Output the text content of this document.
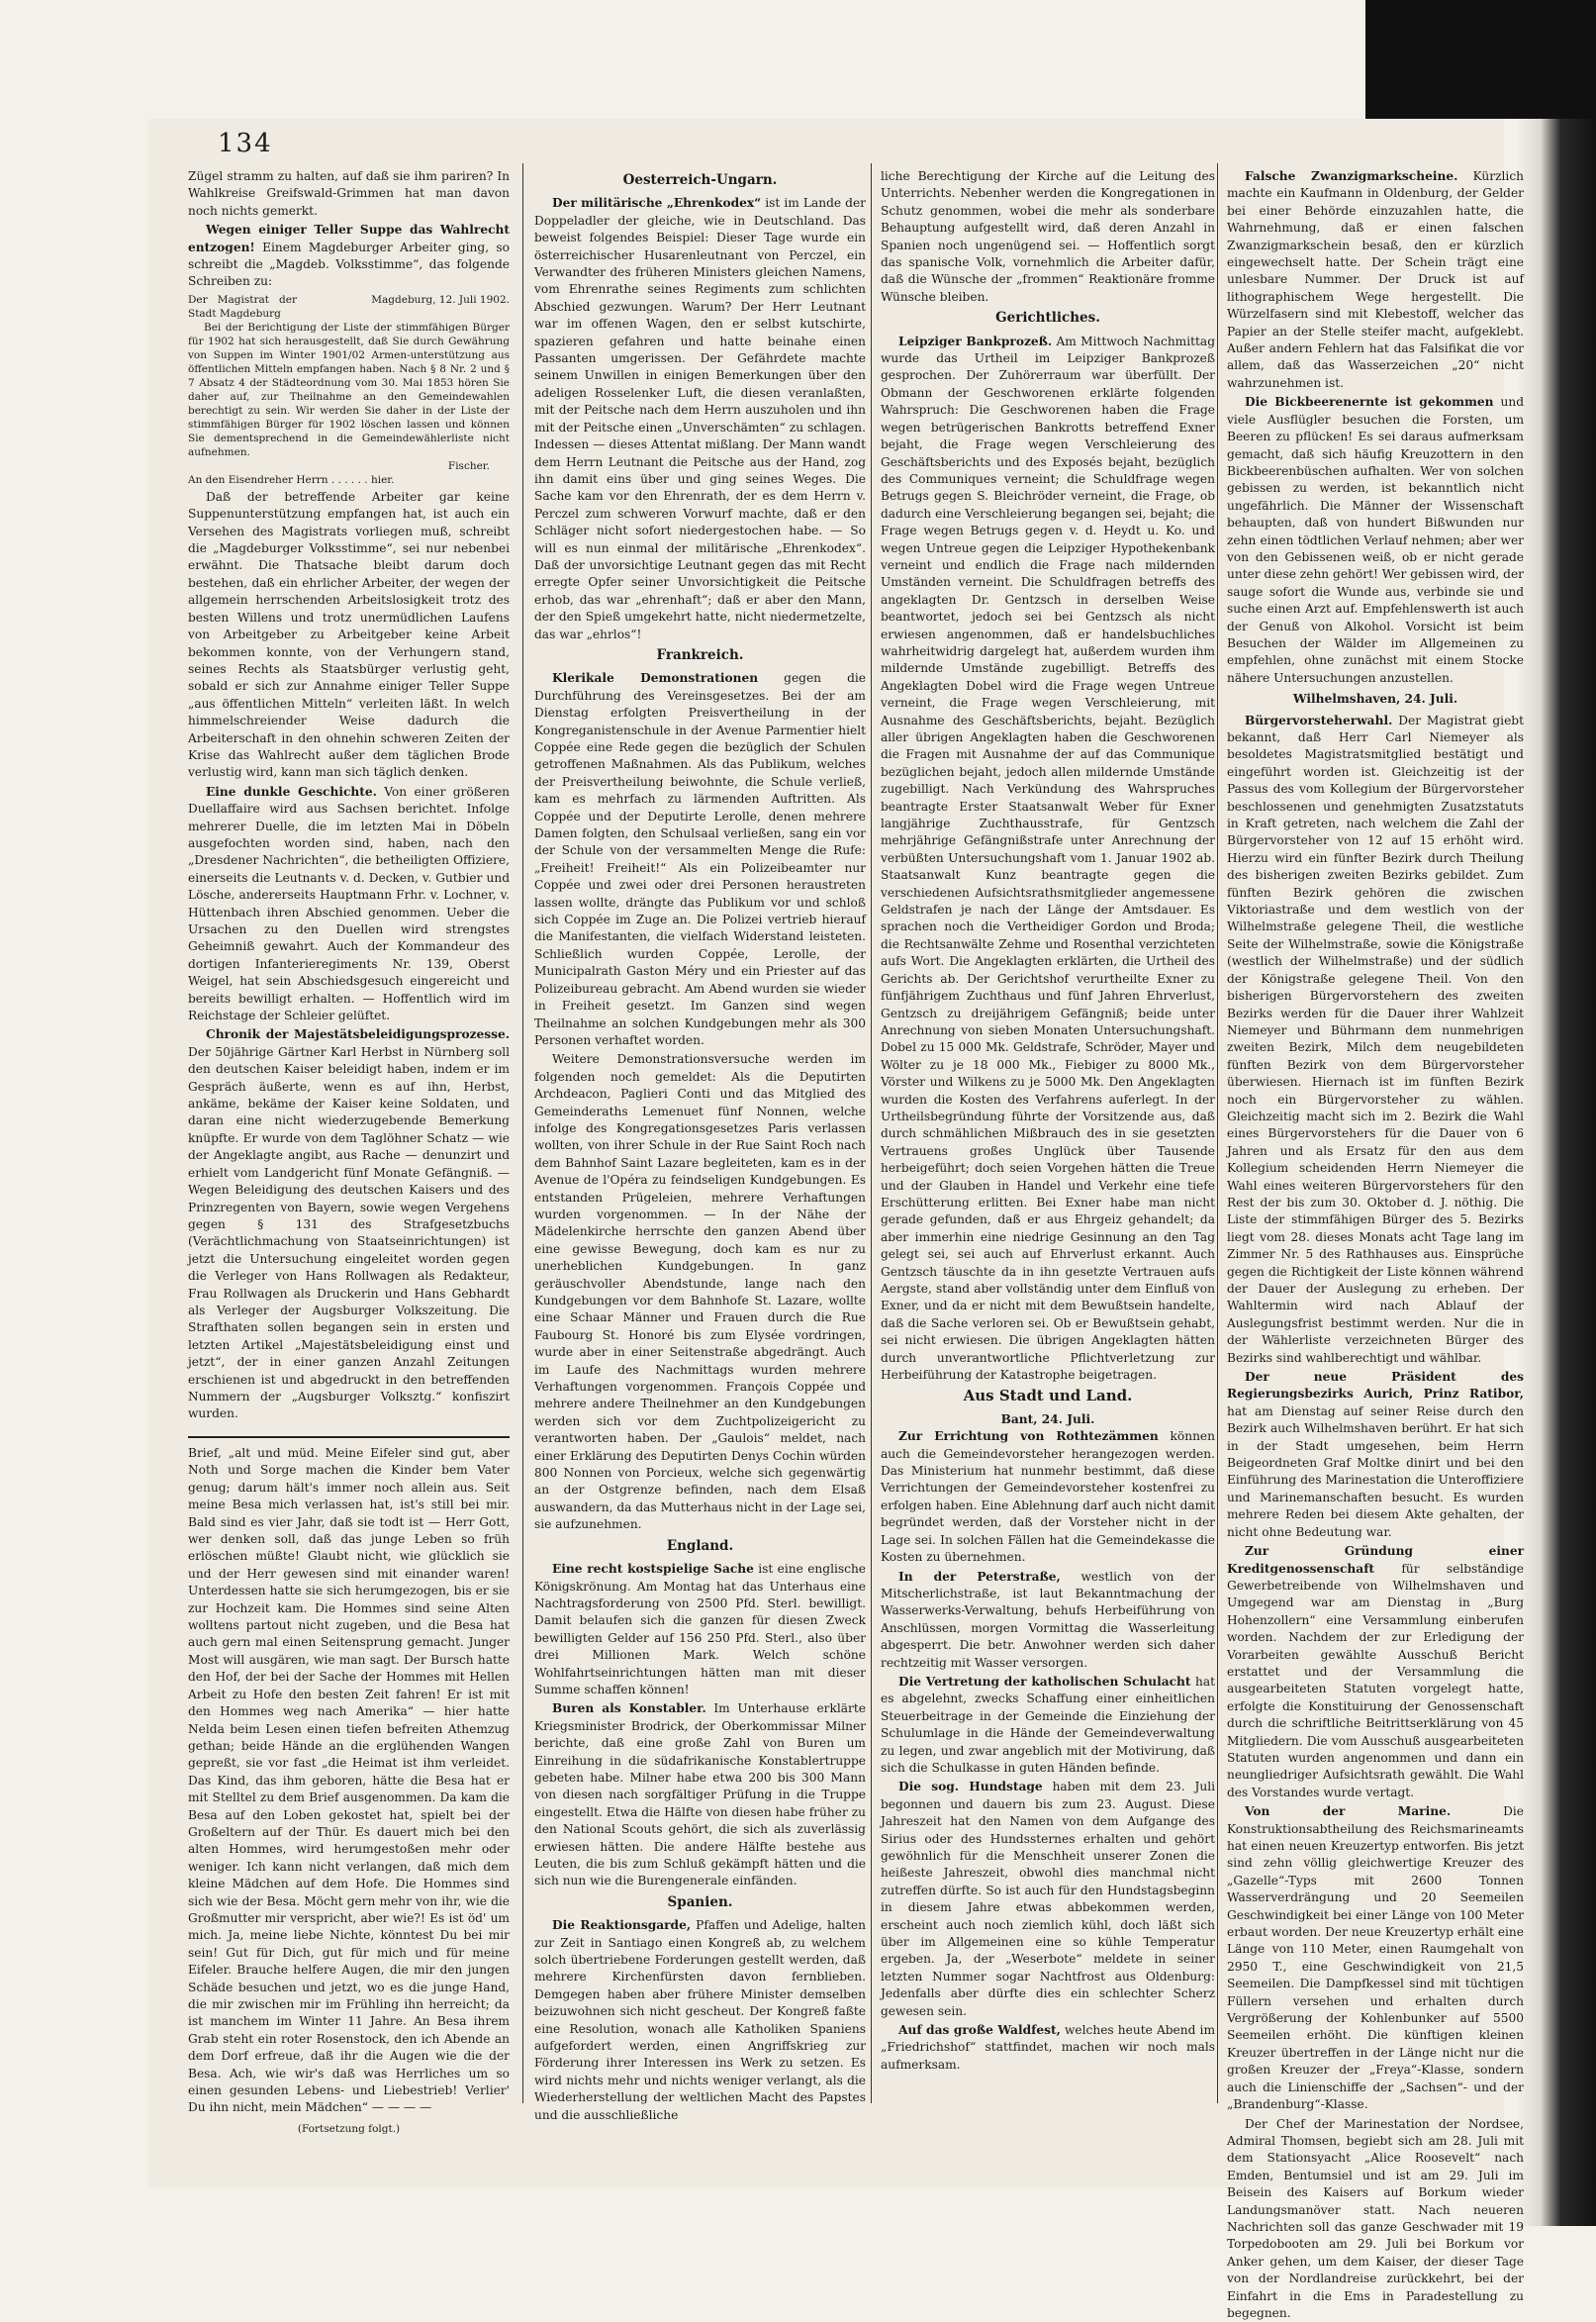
134

Zügel stramm zu halten, auf daß sie ihm pariren? In Wahlkreise Greifswald-Grimmen hat man davon noch nichts gemerkt.

Wegen einiger Teller Suppe das Wahlrecht entzogen! Einem Magdeburger Arbeiter ging, so schreibt die „Magdeb. Volksstimme“, das folgende Schreiben zu:

Der Magistrat der Stadt Magdeburg
Magdeburg, 12. Juli 1902.

Bei der Berichtigung der Liste der stimmfähigen Bürger für 1902 hat sich herausgestellt, daß Sie durch Gewährung von Suppen im Winter 1901/02 Armen-unterstützung aus öffentlichen Mitteln empfangen haben. Nach § 8 Nr. 2 und § 7 Absatz 4 der Städteordnung vom 30. Mai 1853 hören Sie daher auf, zur Theilnahme an den Gemeindewahlen berechtigt zu sein. Wir werden Sie daher in der Liste der stimmfähigen Bürger für 1902 löschen lassen und können Sie dementsprechend in die Gemeindewählerliste nicht aufnehmen.

Fischer.
An den Eisendreher Herrn . . . . . . hier.

Daß der betreffende Arbeiter gar keine Suppenunterstützung empfangen hat, ist auch ein Versehen des Magistrats vorliegen muß, schreibt die „Magdeburger Volksstimme“, sei nur nebenbei erwähnt. Die Thatsache bleibt darum doch bestehen, daß ein ehrlicher Arbeiter, der wegen der allgemein herrschenden Arbeitslosigkeit trotz des besten Willens und trotz unermüdlichen Laufens von Arbeitgeber zu Arbeitgeber keine Arbeit bekommen konnte, von der Verhungern stand, seines Rechts als Staatsbürger verlustig geht, sobald er sich zur Annahme einiger Teller Suppe „aus öffentlichen Mitteln“ verleiten läßt. In welch himmelschreiender Weise dadurch die Arbeiterschaft in den ohnehin schweren Zeiten der Krise das Wahlrecht außer dem täglichen Brode verlustig wird, kann man sich täglich denken.

Eine dunkle Geschichte. Von einer größeren Duellaffaire wird aus Sachsen berichtet. Infolge mehrerer Duelle, die im letzten Mai in Döbeln ausgefochten worden sind, haben, nach den „Dresdener Nachrichten“, die betheiligten Offiziere, einerseits die Leutnants v. d. Decken, v. Gutbier und Lösche, andererseits Hauptmann Frhr. v. Lochner, v. Hüttenbach ihren Abschied genommen. Ueber die Ursachen zu den Duellen wird strengstes Geheimniß gewahrt. Auch der Kommandeur des dortigen Infanterieregiments Nr. 139, Oberst Weigel, hat sein Abschiedsgesuch eingereicht und bereits bewilligt erhalten. — Hoffentlich wird im Reichstage der Schleier gelüftet.

Chronik der Majestätsbeleidigungsprozesse. Der 50jährige Gärtner Karl Herbst in Nürnberg soll den deutschen Kaiser beleidigt haben, indem er im Gespräch äußerte, wenn es auf ihn, Herbst, ankäme, bekäme der Kaiser keine Soldaten, und daran eine nicht wiederzugebende Bemerkung knüpfte. Er wurde von dem Taglöhner Schatz — wie der Angeklagte angibt, aus Rache — denunzirt und erhielt vom Landgericht fünf Monate Gefängniß. — Wegen Beleidigung des deutschen Kaisers und des Prinzregenten von Bayern, sowie wegen Vergehens gegen § 131 des Strafgesetzbuchs (Verächtlichmachung von Staatseinrichtungen) ist jetzt die Untersuchung eingeleitet worden gegen die Verleger von Hans Rollwagen als Redakteur, Frau Rollwagen als Druckerin und Hans Gebhardt als Verleger der Augsburger Volkszeitung. Die Strafthaten sollen begangen sein in ersten und letzten Artikel „Majestätsbeleidigung einst und jetzt“, der in einer ganzen Anzahl Zeitungen erschienen ist und abgedruckt in den betreffenden Nummern der „Augsburger Volksztg.“ konfiszirt wurden.

Brief, „alt und müd. Meine Eifeler sind gut, aber Noth und Sorge machen die Kinder bem Vater genug; darum hält's immer noch allein aus. Seit meine Besa mich verlassen hat, ist's still bei mir. Bald sind es vier Jahr, daß sie todt ist — Herr Gott, wer denken soll, daß das junge Leben so früh erlöschen müßte! Glaubt nicht, wie glücklich sie und der Herr gewesen sind mit einander waren! Unterdessen hatte sie sich herumgezogen, bis er sie zur Hochzeit kam. Die Hommes sind seine Alten wolltens partout nicht zugeben, und die Besa hat auch gern mal einen Seitensprung gemacht. Junger Most will ausgären, wie man sagt. Der Bursch hatte den Hof, der bei der Sache der Hommes mit Hellen Arbeit zu Hofe den besten Zeit fahren! Er ist mit den Hommes weg nach Amerika“ — hier hatte Nelda beim Lesen einen tiefen befreiten Athemzug gethan; beide Hände an die erglühenden Wangen gepreßt, sie vor fast „die Heimat ist ihm verleidet. Das Kind, das ihm geboren, hätte die Besa hat er mit Stelltel zu dem Brief ausgenommen. Da kam die Besa auf den Loben gekostet hat, spielt bei der Großeltern auf der Thür. Es dauert mich bei den alten Hommes, wird herumgestoßen mehr oder weniger. Ich kann nicht verlangen, daß mich dem kleine Mädchen auf dem Hofe. Die Hommes sind sich wie der Besa. Möcht gern mehr von ihr, wie die Großmutter mir verspricht, aber wie?! Es ist öd' um mich. Ja, meine liebe Nichte, könntest Du bei mir sein! Gut für Dich, gut für mich und für meine Eifeler. Brauche helfere Augen, die mir den jungen Schäde besuchen und jetzt, wo es die junge Hand, die mir zwischen mir im Frühling ihn herreicht; da ist manchem im Winter 11 Jahre. An Besa ihrem Grab steht ein roter Rosenstock, den ich Abende an dem Dorf erfreue, daß ihr die Augen wie die der Besa. Ach, wie wir's daß was Herrliches um so einen gesunden Lebens- und Liebestrieb! Verlier' Du ihn nicht, mein Mädchen“ — — — —

(Fortsetzung folgt.)
Oesterreich-Ungarn.

Der militärische „Ehrenkodex“ ist im Lande der Doppeladler der gleiche, wie in Deutschland. Das beweist folgendes Beispiel: Dieser Tage wurde ein österreichischer Husarenleutnant von Perczel, ein Verwandter des früheren Ministers gleichen Namens, vom Ehrenrathe seines Regiments zum schlichten Abschied gezwungen. Warum? Der Herr Leutnant war im offenen Wagen, den er selbst kutschirte, spazieren gefahren und hatte beinahe einen Passanten umgerissen. Der Gefährdete machte seinem Unwillen in einigen Bemerkungen über den adeligen Rosselenker Luft, die diesen veranlaßten, mit der Peitsche nach dem Herrn auszuholen und ihn mit der Peitsche einen „Unverschämten“ zu schlagen. Indessen — dieses Attentat mißlang. Der Mann wandt dem Herrn Leutnant die Peitsche aus der Hand, zog ihn damit eins über und ging seines Weges. Die Sache kam vor den Ehrenrath, der es dem Herrn v. Perczel zum schweren Vorwurf machte, daß er den Schläger nicht sofort niedergestochen habe. — So will es nun einmal der militärische „Ehrenkodex“. Daß der unvorsichtige Leutnant gegen das mit Recht erregte Opfer seiner Unvorsichtigkeit die Peitsche erhob, das war „ehrenhaft“; daß er aber den Mann, der den Spieß umgekehrt hatte, nicht niedermetzelte, das war „ehrlos“!

Frankreich.

Klerikale Demonstrationen gegen die Durchführung des Vereinsgesetzes. Bei der am Dienstag erfolgten Preisvertheilung in der Kongreganistenschule in der Avenue Parmentier hielt Coppée eine Rede gegen die bezüglich der Schulen getroffenen Maßnahmen. Als das Publikum, welches der Preisvertheilung beiwohnte, die Schule verließ, kam es mehrfach zu lärmenden Auftritten. Als Coppée und der Deputirte Lerolle, denen mehrere Damen folgten, den Schulsaal verließen, sang ein vor der Schule von der versammelten Menge die Rufe: „Freiheit! Freiheit!“ Als ein Polizeibeamter nur Coppée und zwei oder drei Personen heraustreten lassen wollte, drängte das Publikum vor und schloß sich Coppée im Zuge an. Die Polizei vertrieb hierauf die Manifestanten, die vielfach Widerstand leisteten. Schließlich wurden Coppée, Lerolle, der Municipalrath Gaston Méry und ein Priester auf das Polizeibureau gebracht. Am Abend wurden sie wieder in Freiheit gesetzt. Im Ganzen sind wegen Theilnahme an solchen Kundgebungen mehr als 300 Personen verhaftet worden.

Weitere Demonstrationsversuche werden im folgenden noch gemeldet: Als die Deputirten Archdeacon, Paglieri Conti und das Mitglied des Gemeinderaths Lemenuet fünf Nonnen, welche infolge des Kongregationsgesetzes Paris verlassen wollten, von ihrer Schule in der Rue Saint Roch nach dem Bahnhof Saint Lazare begleiteten, kam es in der Avenue de l'Opéra zu feindseligen Kundgebungen. Es entstanden Prügeleien, mehrere Verhaftungen wurden vorgenommen. — In der Nähe der Mädelenkirche herrschte den ganzen Abend über eine gewisse Bewegung, doch kam es nur zu unerheblichen Kundgebungen. In ganz geräuschvoller Abendstunde, lange nach den Kundgebungen vor dem Bahnhofe St. Lazare, wollte eine Schaar Männer und Frauen durch die Rue Faubourg St. Honoré bis zum Elysée vordringen, wurde aber in einer Seitenstraße abgedrängt. Auch im Laufe des Nachmittags wurden mehrere Verhaftungen vorgenommen. François Coppée und mehrere andere Theilnehmer an den Kundgebungen werden sich vor dem Zuchtpolizeigericht zu verantworten haben. Der „Gaulois“ meldet, nach einer Erklärung des Deputirten Denys Cochin würden 800 Nonnen von Porcieux, welche sich gegenwärtig an der Ostgrenze befinden, nach dem Elsaß auswandern, da das Mutterhaus nicht in der Lage sei, sie aufzunehmen.

England.

Eine recht kostspielige Sache ist eine englische Königskrönung. Am Montag hat das Unterhaus eine Nachtragsforderung von 2500 Pfd. Sterl. bewilligt. Damit belaufen sich die ganzen für diesen Zweck bewilligten Gelder auf 156 250 Pfd. Sterl., also über drei Millionen Mark. Welch schöne Wohlfahrtseinrichtungen hätten man mit dieser Summe schaffen können!

Buren als Konstabler. Im Unterhause erklärte Kriegsminister Brodrick, der Oberkommissar Milner berichte, daß eine große Zahl von Buren um Einreihung in die südafrikanische Konstablertruppe gebeten habe. Milner habe etwa 200 bis 300 Mann von diesen nach sorgfältiger Prüfung in die Truppe eingestellt. Etwa die Hälfte von diesen habe früher zu den National Scouts gehört, die sich als zuverlässig erwiesen hätten. Die andere Hälfte bestehe aus Leuten, die bis zum Schluß gekämpft hätten und die sich nun wie die Burengenerale einfänden.

Spanien.

Die Reaktionsgarde, Pfaffen und Adelige, halten zur Zeit in Santiago einen Kongreß ab, zu welchem solch übertriebene Forderungen gestellt werden, daß mehrere Kirchenfürsten davon fernblieben. Demgegen haben aber frühere Minister demselben beizuwohnen sich nicht gescheut. Der Kongreß faßte eine Resolution, wonach alle Katholiken Spaniens aufgefordert werden, einen Angriffskrieg zur Förderung ihrer Interessen ins Werk zu setzen. Es wird nichts mehr und nichts weniger verlangt, als die Wiederherstellung der weltlichen Macht des Papstes und die ausschließliche

liche Berechtigung der Kirche auf die Leitung des Unterrichts. Nebenher werden die Kongregationen in Schutz genommen, wobei die mehr als sonderbare Behauptung aufgestellt wird, daß deren Anzahl in Spanien noch ungenügend sei. — Hoffentlich sorgt das spanische Volk, vornehmlich die Arbeiter dafür, daß die Wünsche der „frommen“ Reaktionäre fromme Wünsche bleiben.

Gerichtliches.

Leipziger Bankprozeß. Am Mittwoch Nachmittag wurde das Urtheil im Leipziger Bankprozeß gesprochen. Der Zuhörerraum war überfüllt. Der Obmann der Geschworenen erklärte folgenden Wahrspruch: Die Geschworenen haben die Frage wegen betrügerischen Bankrotts betreffend Exner bejaht, die Frage wegen Verschleierung des Geschäftsberichts und des Exposés bejaht, bezüglich des Communiques verneint; die Schuldfrage wegen Betrugs gegen S. Bleichröder verneint, die Frage, ob dadurch eine Verschleierung begangen sei, bejaht; die Frage wegen Betrugs gegen v. d. Heydt u. Ko. und wegen Untreue gegen die Leipziger Hypothekenbank verneint und endlich die Frage nach mildernden Umständen verneint. Die Schuldfragen betreffs des angeklagten Dr. Gentzsch in derselben Weise beantwortet, jedoch sei bei Gentzsch als nicht erwiesen angenommen, daß er handelsbuchliches wahrheitwidrig dargelegt hat, außerdem wurden ihm mildernde Umstände zugebilligt. Betreffs des Angeklagten Dobel wird die Frage wegen Untreue verneint, die Frage wegen Verschleierung, mit Ausnahme des Geschäftsberichts, bejaht. Bezüglich aller übrigen Angeklagten haben die Geschworenen die Fragen mit Ausnahme der auf das Communique bezüglichen bejaht, jedoch allen mildernde Umstände zugebilligt. Nach Verkündung des Wahrspruches beantragte Erster Staatsanwalt Weber für Exner langjährige Zuchthausstrafe, für Gentzsch mehrjährige Gefängnißstrafe unter Anrechnung der verbüßten Untersuchungshaft vom 1. Januar 1902 ab. Staatsanwalt Kunz beantragte gegen die verschiedenen Aufsichtsrathsmitglieder angemessene Geldstrafen je nach der Länge der Amtsdauer. Es sprachen noch die Vertheidiger Gordon und Broda; die Rechtsanwälte Zehme und Rosenthal verzichteten aufs Wort. Die Angeklagten erklärten, die Urtheil des Gerichts ab. Der Gerichtshof verurtheilte Exner zu fünfjährigem Zuchthaus und fünf Jahren Ehrverlust, Gentzsch zu dreijährigem Gefängniß; beide unter Anrechnung von sieben Monaten Untersuchungshaft. Dobel zu 15 000 Mk. Geldstrafe, Schröder, Mayer und Wölter zu je 18 000 Mk., Fiebiger zu 8000 Mk., Vörster und Wilkens zu je 5000 Mk. Den Angeklagten wurden die Kosten des Verfahrens auferlegt. In der Urtheilsbegründung führte der Vorsitzende aus, daß durch schmählichen Mißbrauch des in sie gesetzten Vertrauens großes Unglück über Tausende herbeigeführt; doch seien Vorgehen hätten die Treue und der Glauben in Handel und Verkehr eine tiefe Erschütterung erlitten. Bei Exner habe man nicht gerade gefunden, daß er aus Ehrgeiz gehandelt; da aber immerhin eine niedrige Gesinnung an den Tag gelegt sei, sei auch auf Ehrverlust erkannt. Auch Gentzsch täuschte da in ihn gesetzte Vertrauen aufs Aergste, stand aber vollständig unter dem Einfluß von Exner, und da er nicht mit dem Bewußtsein handelte, daß die Sache verloren sei. Ob er Bewußtsein gehabt, sei nicht erwiesen. Die übrigen Angeklagten hätten durch unverantwortliche Pflichtverletzung zur Herbeiführung der Katastrophe beigetragen.

Aus Stadt und Land.
Bant, 24. Juli.

Zur Errichtung von Rothtezämmen können auch die Gemeindevorsteher herangezogen werden. Das Ministerium hat nunmehr bestimmt, daß diese Verrichtungen der Gemeindevorsteher kostenfrei zu erfolgen haben. Eine Ablehnung darf auch nicht damit begründet werden, daß der Vorsteher nicht in der Lage sei. In solchen Fällen hat die Gemeindekasse die Kosten zu übernehmen.

In der Peterstraße, westlich von der Mitscherlichstraße, ist laut Bekanntmachung der Wasserwerks-Verwaltung, behufs Herbeiführung von Anschlüssen, morgen Vormittag die Wasserleitung abgesperrt. Die betr. Anwohner werden sich daher rechtzeitig mit Wasser versorgen.

Die Vertretung der katholischen Schulacht hat es abgelehnt, zwecks Schaffung einer einheitlichen Steuerbeitrage in der Gemeinde die Einziehung der Schulumlage in die Hände der Gemeindeverwaltung zu legen, und zwar angeblich mit der Motivirung, daß sich die Schulkasse in guten Händen befinde.

Die sog. Hundstage haben mit dem 23. Juli begonnen und dauern bis zum 23. August. Diese Jahreszeit hat den Namen von dem Aufgange des Sirius oder des Hundssternes erhalten und gehört gewöhnlich für die Menschheit unserer Zonen die heißeste Jahreszeit, obwohl dies manchmal nicht zutreffen dürfte. So ist auch für den Hundstagsbeginn in diesem Jahre etwas abbekommen werden, erscheint auch noch ziemlich kühl, doch läßt sich über im Allgemeinen eine so kühle Temperatur ergeben. Ja, der „Weserbote“ meldete in seiner letzten Nummer sogar Nachtfrost aus Oldenburg: Jedenfalls aber dürfte dies ein schlechter Scherz gewesen sein.

Auf das große Waldfest, welches heute Abend im „Friedrichshof“ stattfindet, machen wir noch mals aufmerksam.

Falsche Zwanzigmarkscheine. Kürzlich machte ein Kaufmann in Oldenburg, der Gelder bei einer Behörde einzuzahlen hatte, die Wahrnehmung, daß er einen falschen Zwanzigmarkschein besaß, den er kürzlich eingewechselt hatte. Der Schein trägt eine unlesbare Nummer. Der Druck ist auf lithographischem Wege hergestellt. Die Würzelfasern sind mit Klebestoff, welcher das Papier an der Stelle steifer macht, aufgeklebt. Außer andern Fehlern hat das Falsifikat die vor allem, daß das Wasserzeichen „20“ nicht wahrzunehmen ist.

Die Bickbeerenernte ist gekommen und viele Ausflügler besuchen die Forsten, um Beeren zu pflücken! Es sei daraus aufmerksam gemacht, daß sich häufig Kreuzottern in den Bickbeerenbüschen aufhalten. Wer von solchen gebissen zu werden, ist bekanntlich nicht ungefährlich. Die Männer der Wissenschaft behaupten, daß von hundert Bißwunden nur zehn einen tödtlichen Verlauf nehmen; aber wer von den Gebissenen weiß, ob er nicht gerade unter diese zehn gehört! Wer gebissen wird, der sauge sofort die Wunde aus, verbinde sie und suche einen Arzt auf. Empfehlenswerth ist auch der Genuß von Alkohol. Vorsicht ist beim Besuchen der Wälder im Allgemeinen zu empfehlen, ohne zunächst mit einem Stocke nähere Untersuchungen anzustellen.

Wilhelmshaven, 24. Juli.

Bürgervorsteherwahl. Der Magistrat giebt bekannt, daß Herr Carl Niemeyer als besoldetes Magistratsmitglied bestätigt und eingeführt worden ist. Gleichzeitig ist der Passus des vom Kollegium der Bürgervorsteher beschlossenen und genehmigten Zusatzstatuts in Kraft getreten, nach welchem die Zahl der Bürgervorsteher von 12 auf 15 erhöht wird. Hierzu wird ein fünfter Bezirk durch Theilung des bisherigen zweiten Bezirks gebildet. Zum fünften Bezirk gehören die zwischen Viktoriastraße und dem westlich von der Wilhelmstraße gelegene Theil, die westliche Seite der Wilhelmstraße, sowie die Königstraße (westlich der Wilhelmstraße) und der südlich der Königstraße gelegene Theil. Von den bisherigen Bürgervorstehern des zweiten Bezirks werden für die Dauer ihrer Wahlzeit Niemeyer und Bührmann dem nunmehrigen zweiten Bezirk, Milch dem neugebildeten fünften Bezirk von dem Bürgervorsteher überwiesen. Hiernach ist im fünften Bezirk noch ein Bürgervorsteher zu wählen. Gleichzeitig macht sich im 2. Bezirk die Wahl eines Bürgervorstehers für die Dauer von 6 Jahren und als Ersatz für den aus dem Kollegium scheidenden Herrn Niemeyer die Wahl eines weiteren Bürgervorstehers für den Rest der bis zum 30. Oktober d. J. nöthig. Die Liste der stimmfähigen Bürger des 5. Bezirks liegt vom 28. dieses Monats acht Tage lang im Zimmer Nr. 5 des Rathhauses aus. Einsprüche gegen die Richtigkeit der Liste können während der Dauer der Auslegung zu erheben. Der Wahltermin wird nach Ablauf der Auslegungsfrist bestimmt werden. Nur die in der Wählerliste verzeichneten Bürger des Bezirks sind wahlberechtigt und wählbar.

Der neue Präsident des Regierungsbezirks Aurich, Prinz Ratibor, hat am Dienstag auf seiner Reise durch den Bezirk auch Wilhelmshaven berührt. Er hat sich in der Stadt umgesehen, beim Herrn Beigeordneten Graf Moltke dinirt und bei den Einführung des Marinestation die Unteroffiziere und Marinemanschaften besucht. Es wurden mehrere Reden bei diesem Akte gehalten, der nicht ohne Bedeutung war.

Zur Gründung einer Kreditgenossenschaft für selbständige Gewerbetreibende von Wilhelmshaven und Umgegend war am Dienstag in „Burg Hohenzollern“ eine Versammlung einberufen worden. Nachdem der zur Erledigung der Vorarbeiten gewählte Ausschuß Bericht erstattet und der Versammlung die ausgearbeiteten Statuten vorgelegt hatte, erfolgte die Konstituirung der Genossenschaft durch die schriftliche Beitrittserklärung von 45 Mitgliedern. Die vom Ausschuß ausgearbeiteten Statuten wurden angenommen und dann ein neungliedriger Aufsichtsrath gewählt. Die Wahl des Vorstandes wurde vertagt.

Von der Marine.	Die Konstruktionsabtheilung des Reichsmarineamts hat einen neuen Kreuzertyp entworfen. Bis jetzt sind zehn völlig gleichwertige Kreuzer des „Gazelle“-Typs mit 2600 Tonnen Wasserverdrängung und 20 Seemeilen Geschwindigkeit bei einer Länge von 100 Meter erbaut worden. Der neue Kreuzertyp erhält eine Länge von 110 Meter, einen Raumgehalt von 2950 T., eine Geschwindigkeit von 21,5 Seemeilen. Die Dampfkessel sind mit tüchtigen Füllern versehen und erhalten durch Vergrößerung der Kohlenbunker auf 5500 Seemeilen erhöht. Die künftigen kleinen Kreuzer übertreffen in der Länge nicht nur die großen Kreuzer der „Freya“-Klasse, sondern auch die Linienschiffe der „Sachsen“- und der „Brandenburg“-Klasse.

Der Chef der Marinestation der Nordsee, Admiral Thomsen, begiebt sich am 28. Juli mit dem Stationsyacht „Alice Roosevelt“ nach Emden, Bentumsiel und ist am 29. Juli im Beisein des Kaisers auf Borkum wieder Landungsmanöver statt. Nach neueren Nachrichten soll das ganze Geschwader mit 19 Torpedobooten am 29. Juli bei Borkum vor Anker gehen, um dem Kaiser, der dieser Tage von der Nordlandreise zurückkehrt, bei der Einfahrt in die Ems in Paradestellung zu begegnen.
